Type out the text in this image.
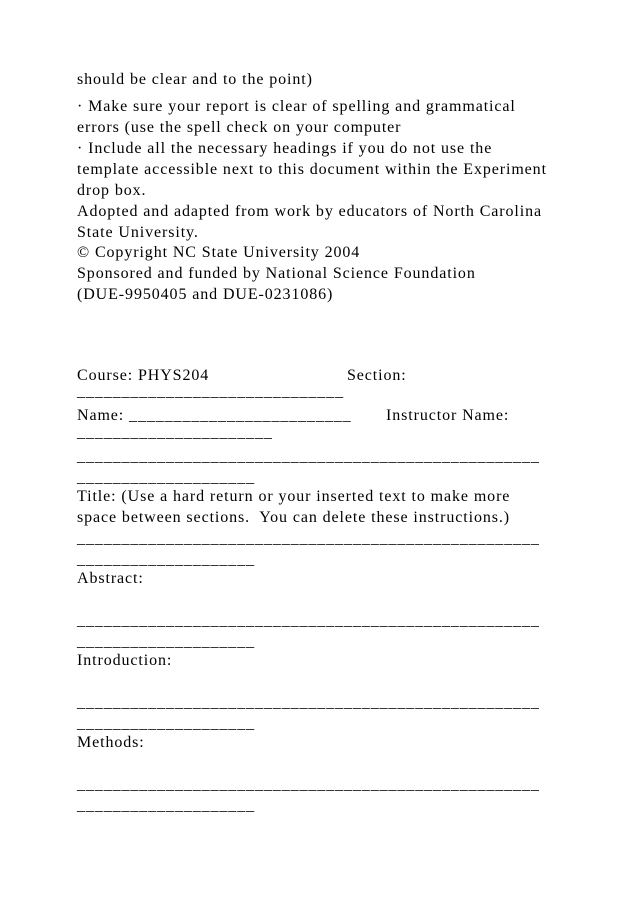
should be clear and to the point)
· Make sure your report is clear of spelling and grammatical
errors (use the spell check on your computer
· Include all the necessary headings if you do not use the
template accessible next to this document within the Experiment
drop box.
Adopted and adapted from work by educators of North Carolina
State University.
© Copyright NC State University 2004
Sponsored and funded by National Science Foundation
(DUE-9950405 and DUE-0231086)
Course: PHYS204	Section:
______________________________
Name: _________________________ Instructor Name:
______________________
____________________________________________________
____________________
Title: (Use a hard return or your inserted text to make more
space between sections.  You can delete these instructions.)
____________________________________________________
____________________
Abstract:
____________________________________________________
____________________
Introduction:
____________________________________________________
____________________
Methods:
____________________________________________________
____________________
